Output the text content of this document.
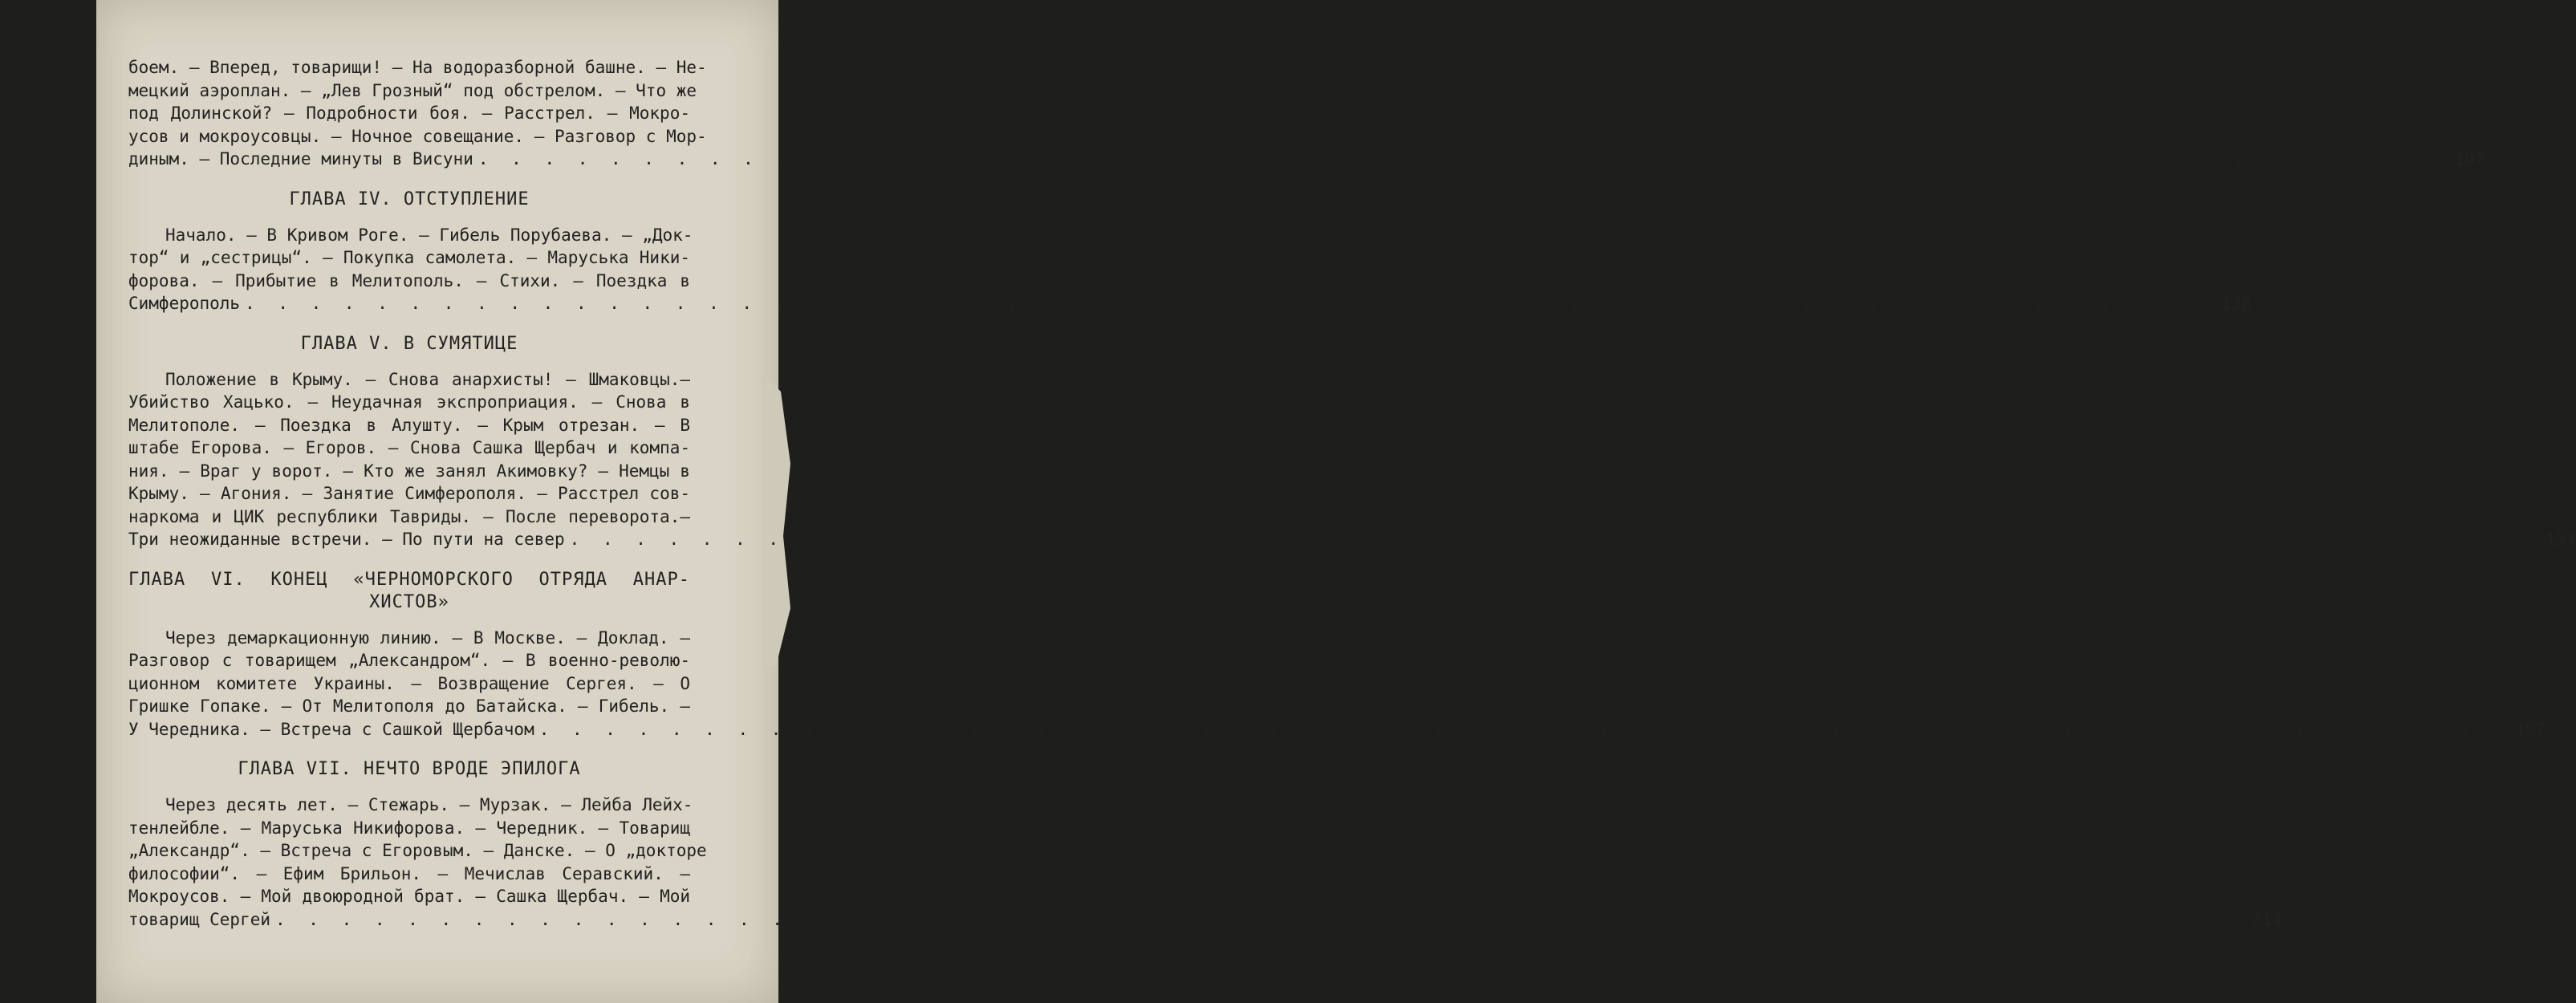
боем. — Вперед, товарищи! — На водоразборной башне. — Не-
мецкий аэроплан. — „Лев Грозный“ под обстрелом. — Что же
под Долинской? — Подробности боя. — Расстрел. — Мокро-
усов и мокроусовцы. — Ночное совещание. — Разговор с Мор-
диным. — Последние минуты в Висуни . . . . . . . . . . . . . . . . . . . . . . . . . . . . . . . . . . . . . . . . . . . . . . . . . . . . . . . . . . . . 107
ГЛАВА IV. ОТСТУПЛЕНИЕ
Начало. — В Кривом Роге. — Гибель Порубаева. — „Док-
тор“ и „сестрицы“. — Покупка самолета. — Маруська Ники-
форова. — Прибытие в Мелитополь. — Стихи. — Поездка в
Симферополь . . . . . . . . . . . . . . . . . . . . . . . . . . . . . . . . . . . . . . . . . . . . . . . . . . . . . . . . . . . . 138
ГЛАВА V. В СУМЯТИЦЕ
Положение в Крыму. — Снова анархисты! — Шмаковцы.—
Убийство Хацько. — Неудачная экспроприация. — Снова в
Мелитополе. — Поездка в Алушту. — Крым отрезан. — В
штабе Егорова. — Егоров. — Снова Сашка Щербач и компа-
ния. — Враг у ворот. — Кто же занял Акимовку? — Немцы в
Крыму. — Агония. — Занятие Симферополя. — Расстрел сов-
наркома и ЦИК республики Тавриды. — После переворота.—
Три неожиданные встречи. — По пути на север . . . . . . . . . . . . . . . . . . . . . . . . . . . . . . . . . . . . . . . . . . . . . . . . . . . . . . . . . . . . 153
ГЛАВА VI. КОНЕЦ «ЧЕРНОМОРСКОГО ОТРЯДА АНАР-
ХИСТОВ»
Через демаркационную линию. — В Москве. — Доклад. —
Разговор с товарищем „Александром“. — В военно-револю-
ционном комитете Украины. — Возвращение Сергея. — О
Гришке Гопаке. — От Мелитополя до Батайска. — Гибель. —
У Чередника. — Встреча с Сашкой Щербачом . . . . . . . . . . . . . . . . . . . . . . . . . . . . . . . . . . . . . . . . . . . . . . . . . . . . . . . . . . . . 197
ГЛАВА VII. НЕЧТО ВРОДЕ ЭПИЛОГА
Через десять лет. — Стежарь. — Мурзак. — Лейба Лейх-
тенлейбле. — Маруська Никифорова. — Чередник. — Товарищ
„Александр“. — Встреча с Егоровым. — Данске. — О „докторе
философии“. — Ефим Брильон. — Мечислав Серавский. —
Мокроусов. — Мой двоюродной брат. — Сашка Щербач. — Мой
товарищ Сергей . . . . . . . . . . . . . . . . . . . . . . . . . . . . . . . . . . . . . . . . . . . . . . . . . . . . . . . . . . . . 214
